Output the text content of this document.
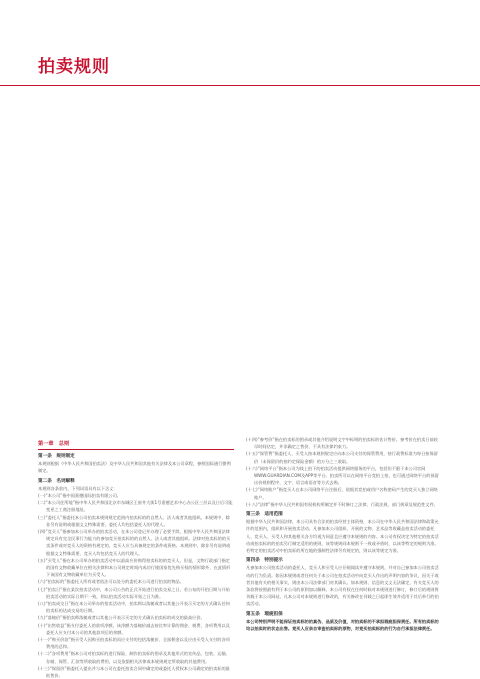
拍卖规则
第一章　总则
第一条　规则制定

本规则根据《中华人民共和国拍卖法》及中华人民共和国其他有关法律及本公司章程，参照国际通行惯例制定。

第二条　名词解释

本规则各条款内，下列词语具有以下含义：

(一)“本公司”指中国嘉德国际拍卖有限公司。

(二)“本公司住所地”指中华人民共和国北京市东城区王府井大街1号嘉德艺术中心办公区三层以及日后可能变更之工商注册地址。

(三)“委托人”指委托本公司拍卖本规则规定范围内拍卖标的的自然人、法人或者其他组织。本规则中，除非另有说明或根据文义特殊需要，委托人均包括委托人的代理人。

(四)“竞买人”指参加本公司举办的拍卖活动，在本公司登记并办理了必要手续，根据中华人民共和国法律规定具有完全民事行为能力的参加竞买拍卖标的的自然人、法人或者其他组织。法律对拍卖标的的买卖条件或对竞买人的资格有规定的，竞买人应当具备规定的条件或资格。本规则中，除非另有说明或根据文义特殊需要，竞买人均包括竞买人的代理人。

(五)“买受人”指在本公司举办的拍卖活动中以最高应价购得拍卖标的的竞买人。但是，文物行政部门指定的国有文物收藏单位在相关法律和本公司规定时间内成功行使国家优先购买权的情形除外，在此情形下该国有文物收藏单位为买受人。

(六)“拍卖标的”指委托人所有或者依法可以处分的委托本公司进行拍卖的物品。

(七)“拍卖日”指在某次拍卖活动中，本公司公告的正式开始进行拍卖交易之日。若公布的开拍日期与开始拍卖活动的实际日期不一致，则以拍卖活动实际开始之日为准。

(八)“拍卖成交日”指在本公司举办的拍卖活动中，拍卖师以落槌或者以其他公开表示买定的方式确认任何拍卖标的达成交易的日期。

(九)“落槌价”指拍卖师落槌或者以其他公开表示买定的方式确认拍卖标的成交的最高应价。

(十)“出售收益”指支付委托人的款项净额，该净额为落槌价减去按比率计算的佣金、税费、各项费用以及委托人应支付本公司的其他款项后的余额。

(十一)“购买价款”指买受人因购买拍卖标的而应支付的包括落槌价、全部佣金以及应由买受人支付的各项费用的总和。

(十二)“各项费用”指本公司对拍卖标的进行保险、制作拍卖标的图录及其他形式的宣传品、包装、运输、存储、保管、汇款等所收取的费用，以及依据相关法律或本规则规定所收取的其他费用。

(十三)“保留价”指委托人提出并与本公司在委托拍卖合同中确定的或委托人授权本公司确定的拍卖标的最低售价。

(十四)“参考价”指在拍卖标的图录或其他介绍说明文字中标明的拍卖标的估计售价。参考价在拍卖日前较早时间估定，并非确定之售价，不具有法律约束力。

(十五)“保管费”指委托人、买受人按本规则规定应向本公司支付的保管费用，按行政费标准为每日按保留价（未保留价的按约定保险金额）的万分之三收取。

(十六)“网络平台”指本公司为线上拍下的拍卖活动提供网络服务的平台，包括但不限于本公司官网WWW.GUARDIAN.COM及APP等平台。拍卖所可以在网络平台竞拍上拍，也可通过网络平台的预留出价规则程序、文字、语言或语音等方式去购。

(十七)“网络账户”指竞买人在本公司网络平台注册后，依据其竞拍或用户名称密码产生的竞买人独立网络账户。

(十八)“法律”指中华人民共和国有权机构所制定并不时修订之法律、行政法规、部门规章及规范性文件。

第三条　适用范围

根据中华人民共和国法律，本公司具有合法的拍卖经营主体资格，本公司在中华人民共和国法律和政策允许的范围内，组织和开展拍卖活动。凡参加本公司组织、开展的文物、艺术品等收藏品拍卖活动的委托人、竞买人、买受人和其他相关各方均视为同意且应遵守本规则的内容。本公司有权决定为特定的拍卖活动或拍卖标的的拍卖另行制定适用的规则，该等规则同本规则不一致或矛盾时，以该等特定的规则为准。若特定的拍卖活动中拍卖标的所在地的强制性法律另有规定的，则以该等规定为准。

第四条　特别提示

凡参加本公司拍卖活动的委托人、竞买人和买受人应仔细阅读并遵守本规则，并对自己参加本公司拍卖活动的行为负责。如因本规则或者任何关于本公司在拍卖活动中向竞买人作出的声明内容的争议，因关于或者其他有关的相关事实，则由本公司法律部门对其确认。如本规则、信息的文义无法确定，有关竞买人的条款将按照最有利于本公司的原则加以解释。本公司有权在任何时候对本规则进行修订，修订后的规则将刊载于本公司网站。凡本公司对本规则进行修改的，有关修改在刊载之日起即生效并适用于其后举行的拍卖活动。

第五条　瑕疵担保

本公司特别声明不能保证拍卖标的的真伪、品质及价值，对拍卖标的不承担瑕疵担保责任。所有拍卖标的均以拍卖时的状态出售。竞买人应亲自审查拍卖标的原物，对竞买拍卖标的的行为自行承担法律责任。
